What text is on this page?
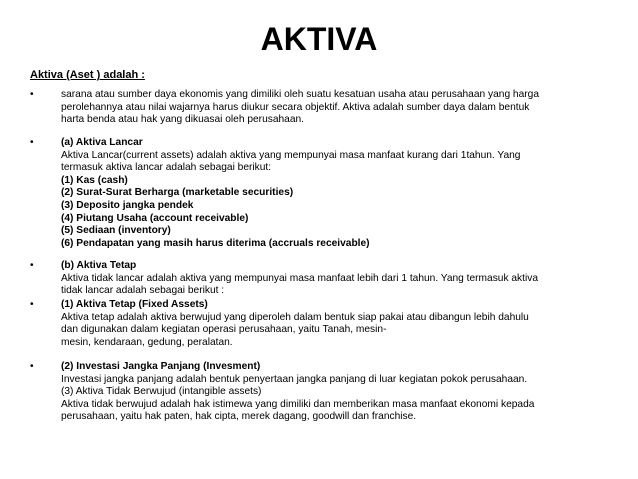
AKTIVA
Aktiva (Aset ) adalah :
•	sarana atau sumber daya ekonomis yang dimiliki oleh suatu kesatuan usaha atau perusahaan yang harga
perolehannya atau nilai wajarnya harus diukur secara objektif. Aktiva adalah sumber daya dalam bentuk
harta benda atau hak yang dikuasai oleh perusahaan.
•	(a) Aktiva Lancar
Aktiva Lancar(current assets) adalah aktiva yang mempunyai masa manfaat kurang dari 1tahun. Yang
termasuk aktiva lancar adalah sebagai berikut:
(1) Kas (cash)
(2) Surat-Surat Berharga (marketable securities)
(3) Deposito jangka pendek
(4) Piutang Usaha (account receivable)
(5) Sediaan (inventory)
(6) Pendapatan yang masih harus diterima (accruals receivable)
•	(b) Aktiva Tetap
Aktiva tidak lancar adalah aktiva yang mempunyai masa manfaat lebih dari 1 tahun. Yang termasuk aktiva
tidak lancar adalah sebagai berikut :
•	(1) Aktiva Tetap (Fixed Assets)
Aktiva tetap adalah aktiva berwujud yang diperoleh dalam bentuk siap pakai atau dibangun lebih dahulu
dan digunakan dalam kegiatan operasi perusahaan, yaitu Tanah, mesin-
mesin, kendaraan, gedung, peralatan.
•	(2) Investasi Jangka Panjang (Invesment)
Investasi jangka panjang adalah bentuk penyertaan jangka panjang di luar kegiatan pokok perusahaan.
(3) Aktiva Tidak Berwujud (intangible assets)
Aktiva tidak berwujud adalah hak istimewa yang dimiliki dan memberikan masa manfaat ekonomi kepada
perusahaan, yaitu hak paten, hak cipta, merek dagang, goodwill dan franchise.
